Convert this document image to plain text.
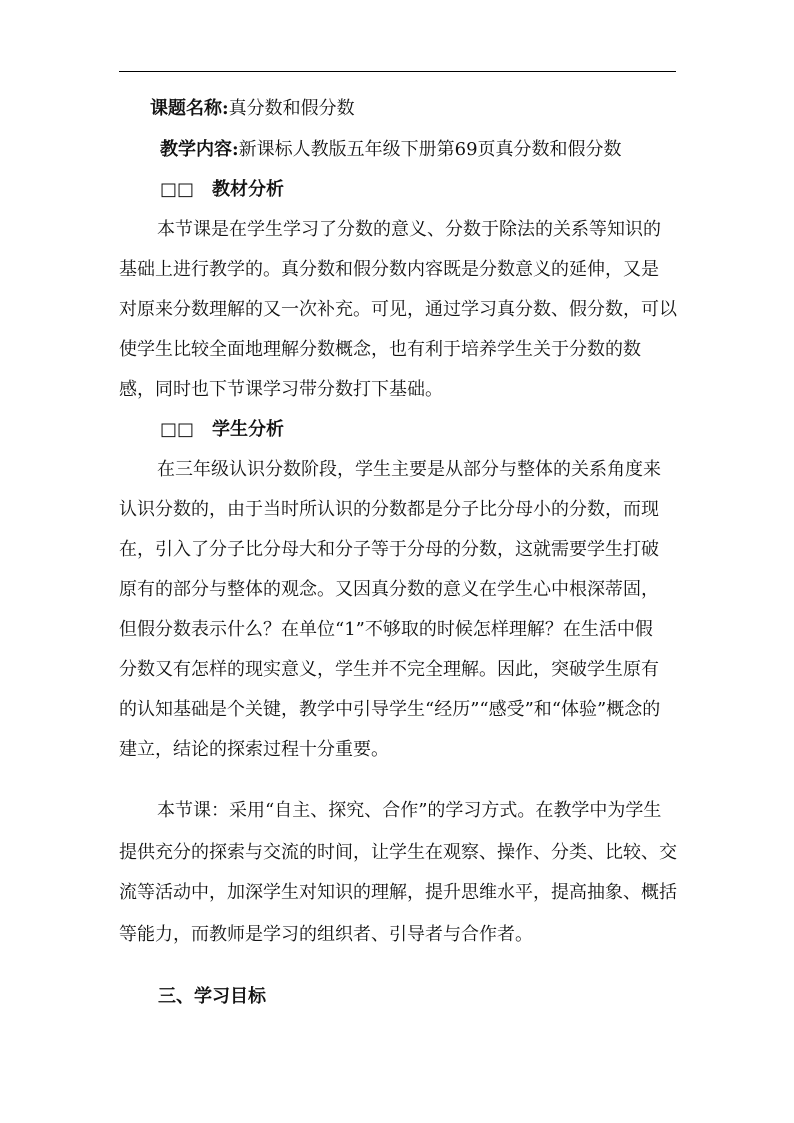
课题名称:真分数和假分数
教学内容:新课标人教版五年级下册第69页真分数和假分数
□□ 教材分析
本节课是在学生学习了分数的意义、分数于除法的关系等知识的
基础上进行教学的。真分数和假分数内容既是分数意义的延伸，又是
对原来分数理解的又一次补充。可见，通过学习真分数、假分数，可以
使学生比较全面地理解分数概念，也有利于培养学生关于分数的数
感，同时也下节课学习带分数打下基础。
□□ 学生分析
在三年级认识分数阶段，学生主要是从部分与整体的关系角度来
认识分数的，由于当时所认识的分数都是分子比分母小的分数，而现
在，引入了分子比分母大和分子等于分母的分数，这就需要学生打破
原有的部分与整体的观念。又因真分数的意义在学生心中根深蒂固，
但假分数表示什么？在单位“1”不够取的时候怎样理解？在生活中假
分数又有怎样的现实意义，学生并不完全理解。因此，突破学生原有
的认知基础是个关键，教学中引导学生“经历”“感受”和“体验”概念的
建立，结论的探索过程十分重要。
本节课：采用“自主、探究、合作”的学习方式。在教学中为学生
提供充分的探索与交流的时间，让学生在观察、操作、分类、比较、交
流等活动中，加深学生对知识的理解，提升思维水平，提高抽象、概括
等能力，而教师是学习的组织者、引导者与合作者。
三、学习目标
